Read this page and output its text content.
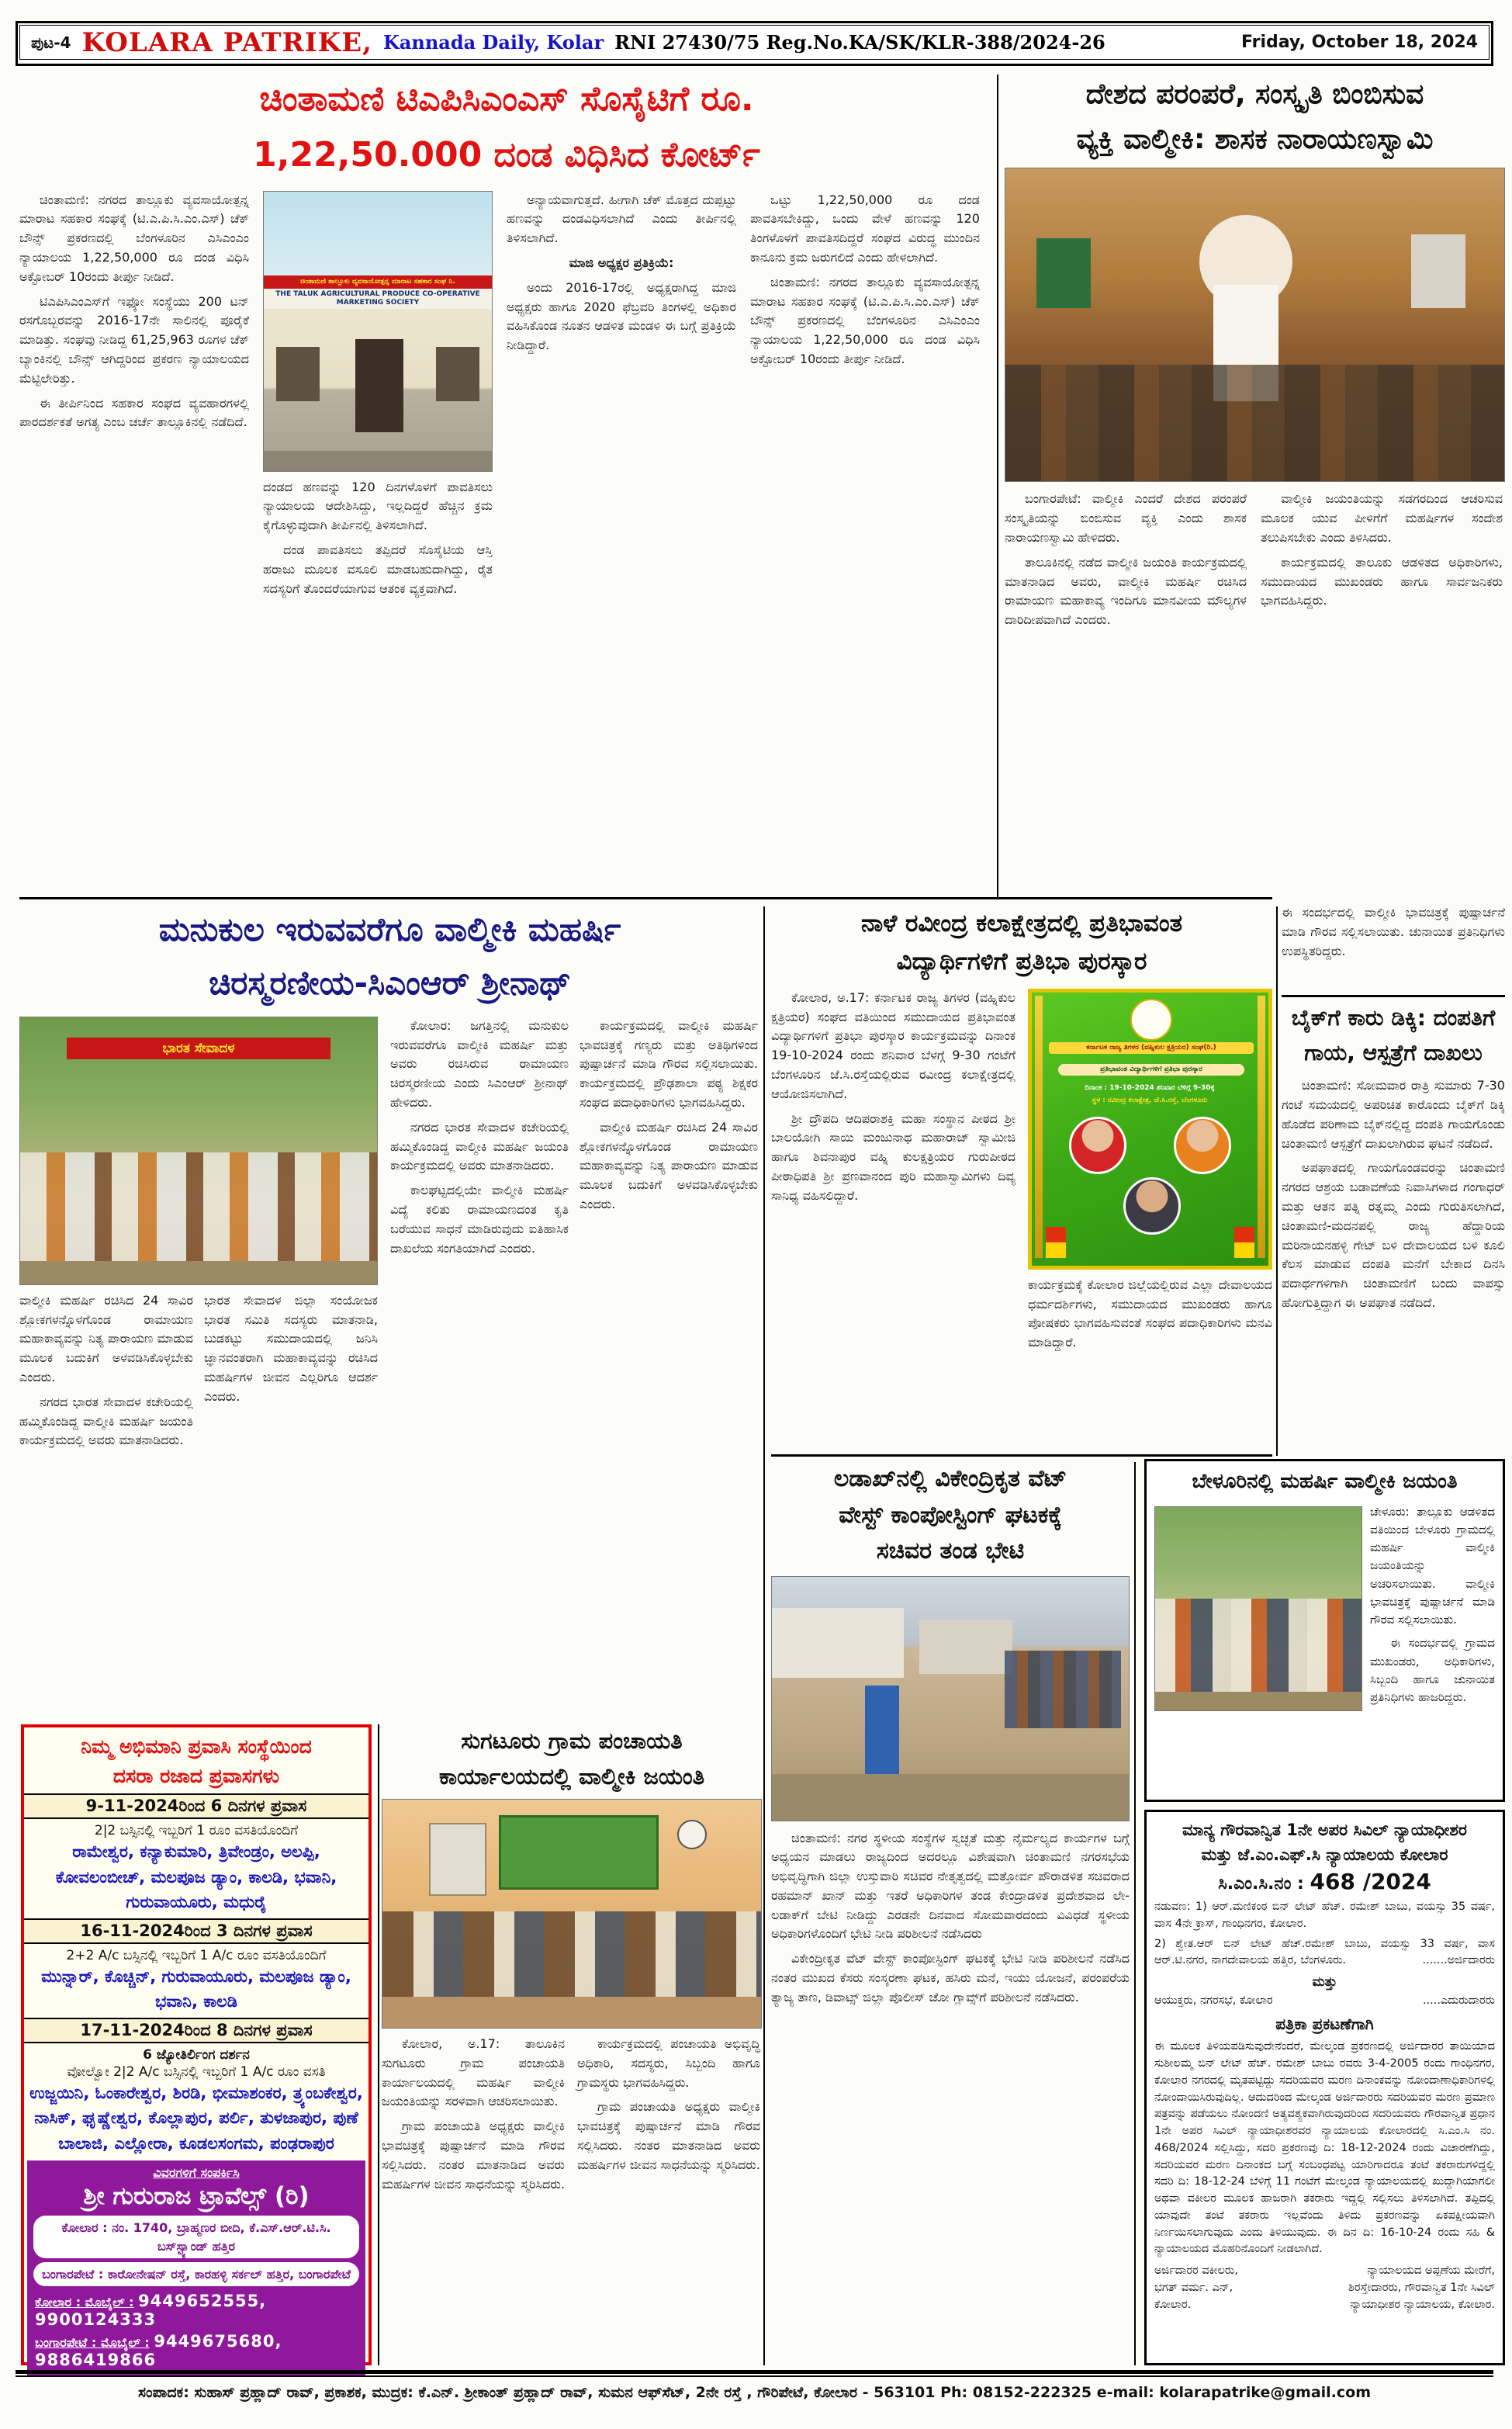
ಪುಟ-4 KOLARA PATRIKE, Kannada Daily, Kolar RNI 27430/75 Reg.No.KA/SK/KLR-388/2024-26	Friday, October 18, 2024
ಚಿಂತಾಮಣಿ ಟಿಎಪಿಸಿಎಂಎಸ್ ಸೊಸೈಟಿಗೆ ರೂ.
1,22,50.000 ದಂಡ ವಿಧಿಸಿದ ಕೋರ್ಟ್

ಚಿಂತಾಮಣಿ: ನಗರದ ತಾಲ್ಲೂಕು ವ್ಯವಸಾಯೋತ್ಪನ್ನ ಮಾರಾಟ ಸಹಕಾರ ಸಂಘಕ್ಕೆ (ಟಿ.ಎ.ಪಿ.ಸಿ.ಎಂ.ಎಸ್) ಚೆಕ್ ಬೌನ್ಸ್ ಪ್ರಕರಣದಲ್ಲಿ ಬೆಂಗಳೂರಿನ ಎಸಿಎಂಎಂ ನ್ಯಾಯಾಲಯ 1,22,50,000 ರೂ ದಂಡ ವಿಧಿಸಿ ಅಕ್ಟೋಬರ್ 10ರಂದು ತೀರ್ಪು ನೀಡಿದೆ.

ಟಿಎಪಿಸಿಎಂಎಸ್‌ಗೆ ಇಫ್ಕೋ ಸಂಸ್ಥೆಯು 200 ಟನ್ ರಸಗೊಬ್ಬರವನ್ನು 2016-17ನೇ ಸಾಲಿನಲ್ಲಿ ಪೂರೈಕೆ ಮಾಡಿತ್ತು. ಸಂಘವು ನೀಡಿದ್ದ 61,25,963 ರೂಗಳ ಚೆಕ್ ಬ್ಯಾಂಕಿನಲ್ಲಿ ಬೌನ್ಸ್ ಆಗಿದ್ದರಿಂದ ಪ್ರಕರಣ ನ್ಯಾಯಾಲಯದ ಮೆಟ್ಟಿಲೇರಿತ್ತು.

ಈ ತೀರ್ಪಿನಿಂದ ಸಹಕಾರ ಸಂಘದ ವ್ಯವಹಾರಗಳಲ್ಲಿ ಪಾರದರ್ಶಕತೆ ಅಗತ್ಯ ಎಂಬ ಚರ್ಚೆ ತಾಲ್ಲೂಕಿನಲ್ಲಿ ನಡೆದಿದೆ.

ಚಿಂತಾಮಣಿ ತಾಲ್ಲೂಕು ವ್ಯವಸಾಯೋತ್ಪನ್ನ ಮಾರಾಟ ಸಹಕಾರ ಸಂಘ ನಿ.
THE TALUK AGRICULTURAL PRODUCE CO-OPERATIVE MARKETING SOCIETY

ದಂಡದ ಹಣವನ್ನು 120 ದಿನಗಳೊಳಗೆ ಪಾವತಿಸಲು ನ್ಯಾಯಾಲಯ ಆದೇಶಿಸಿದ್ದು, ಇಲ್ಲದಿದ್ದರೆ ಹೆಚ್ಚಿನ ಕ್ರಮ ಕೈಗೊಳ್ಳುವುದಾಗಿ ತೀರ್ಪಿನಲ್ಲಿ ತಿಳಿಸಲಾಗಿದೆ.

ದಂಡ ಪಾವತಿಸಲು ತಪ್ಪಿದರೆ ಸೊಸೈಟಿಯ ಆಸ್ತಿ ಹರಾಜು ಮೂಲಕ ವಸೂಲಿ ಮಾಡಬಹುದಾಗಿದ್ದು, ರೈತ ಸದಸ್ಯರಿಗೆ ತೊಂದರೆಯಾಗುವ ಆತಂಕ ವ್ಯಕ್ತವಾಗಿದೆ.

ಅನ್ಯಾಯವಾಗುತ್ತದೆ. ಹೀಗಾಗಿ ಚೆಕ್ ಮೊತ್ತದ ದುಪ್ಪಟ್ಟು ಹಣವನ್ನು ದಂಡವಿಧಿಸಲಾಗಿದೆ ಎಂದು ತೀರ್ಪಿನಲ್ಲಿ ತಿಳಿಸಲಾಗಿದೆ.

ಮಾಜಿ ಅಧ್ಯಕ್ಷರ ಪ್ರತಿಕ್ರಿಯೆ:

ಅಂದು 2016-17ರಲ್ಲಿ ಅಧ್ಯಕ್ಷರಾಗಿದ್ದ ಮಾಜಿ ಅಧ್ಯಕ್ಷರು ಹಾಗೂ 2020 ಫೆಬ್ರವರಿ ತಿಂಗಳಲ್ಲಿ ಅಧಿಕಾರ ವಹಿಸಿಕೊಂಡ ನೂತನ ಆಡಳಿತ ಮಂಡಳಿ ಈ ಬಗ್ಗೆ ಪ್ರತಿಕ್ರಿಯೆ ನೀಡಿದ್ದಾರೆ.

ಒಟ್ಟು 1,22,50,000 ರೂ ದಂಡ ಪಾವತಿಸಬೇಕಿದ್ದು, ಒಂದು ವೇಳೆ ಹಣವನ್ನು 120 ತಿಂಗಳೊಳಗೆ ಪಾವತಿಸದಿದ್ದರೆ ಸಂಘದ ವಿರುದ್ಧ ಮುಂದಿನ ಕಾನೂನು ಕ್ರಮ ಜರುಗಲಿದೆ ಎಂದು ಹೇಳಲಾಗಿದೆ.

ಚಿಂತಾಮಣಿ: ನಗರದ ತಾಲ್ಲೂಕು ವ್ಯವಸಾಯೋತ್ಪನ್ನ ಮಾರಾಟ ಸಹಕಾರ ಸಂಘಕ್ಕೆ (ಟಿ.ಎ.ಪಿ.ಸಿ.ಎಂ.ಎಸ್) ಚೆಕ್ ಬೌನ್ಸ್ ಪ್ರಕರಣದಲ್ಲಿ ಬೆಂಗಳೂರಿನ ಎಸಿಎಂಎಂ ನ್ಯಾಯಾಲಯ 1,22,50,000 ರೂ ದಂಡ ವಿಧಿಸಿ ಅಕ್ಟೋಬರ್ 10ರಂದು ತೀರ್ಪು ನೀಡಿದೆ.

ದೇಶದ ಪರಂಪರೆ, ಸಂಸ್ಕೃತಿ ಬಿಂಬಿಸುವ
ವ್ಯಕ್ತಿ ವಾಲ್ಮೀಕಿ: ಶಾಸಕ ನಾರಾಯಣಸ್ವಾಮಿ

ಬಂಗಾರಪೇಟೆ: ವಾಲ್ಮೀಕಿ ಎಂದರೆ ದೇಶದ ಪರಂಪರೆ ಸಂಸ್ಕೃತಿಯನ್ನು ಬಿಂಬಿಸುವ ವ್ಯಕ್ತಿ ಎಂದು ಶಾಸಕ ನಾರಾಯಣಸ್ವಾಮಿ ಹೇಳಿದರು.

ತಾಲೂಕಿನಲ್ಲಿ ನಡೆದ ವಾಲ್ಮೀಕಿ ಜಯಂತಿ ಕಾರ್ಯಕ್ರಮದಲ್ಲಿ ಮಾತನಾಡಿದ ಅವರು, ವಾಲ್ಮೀಕಿ ಮಹರ್ಷಿ ರಚಿಸಿದ ರಾಮಾಯಣ ಮಹಾಕಾವ್ಯ ಇಂದಿಗೂ ಮಾನವೀಯ ಮೌಲ್ಯಗಳ ದಾರಿದೀಪವಾಗಿದೆ ಎಂದರು.

ವಾಲ್ಮೀಕಿ ಜಯಂತಿಯನ್ನು ಸಡಗರದಿಂದ ಆಚರಿಸುವ ಮೂಲಕ ಯುವ ಪೀಳಿಗೆಗೆ ಮಹರ್ಷಿಗಳ ಸಂದೇಶ ತಲುಪಿಸಬೇಕು ಎಂದು ತಿಳಿಸಿದರು.

ಕಾರ್ಯಕ್ರಮದಲ್ಲಿ ತಾಲೂಕು ಆಡಳಿತದ ಅಧಿಕಾರಿಗಳು, ಸಮುದಾಯದ ಮುಖಂಡರು ಹಾಗೂ ಸಾರ್ವಜನಿಕರು ಭಾಗವಹಿಸಿದ್ದರು.

ಈ ಸಂದರ್ಭದಲ್ಲಿ ವಾಲ್ಮೀಕಿ ಭಾವಚಿತ್ರಕ್ಕೆ ಪುಷ್ಪಾರ್ಚನೆ ಮಾಡಿ ಗೌರವ ಸಲ್ಲಿಸಲಾಯಿತು. ಚುನಾಯಿತ ಪ್ರತಿನಿಧಿಗಳು ಉಪಸ್ಥಿತರಿದ್ದರು.

ಮನುಕುಲ ಇರುವವರೆಗೂ ವಾಲ್ಮೀಕಿ ಮಹರ್ಷಿ
ಚಿರಸ್ಮರಣೀಯ-ಸಿಎಂಆರ್ ಶ್ರೀನಾಥ್
ಭಾರತ ಸೇವಾದಳ

ವಾಲ್ಮೀಕಿ ಮಹರ್ಷಿ ರಚಿಸಿದ 24 ಸಾವಿರ ಶ್ಲೋಕಗಳನ್ನೊಳಗೊಂಡ ರಾಮಾಯಣ ಮಹಾಕಾವ್ಯವನ್ನು ನಿತ್ಯ ಪಾರಾಯಣ ಮಾಡುವ ಮೂಲಕ ಬದುಕಿಗೆ ಅಳವಡಿಸಿಕೊಳ್ಳಬೇಕು ಎಂದರು.

ನಗರದ ಭಾರತ ಸೇವಾದಳ ಕಚೇರಿಯಲ್ಲಿ ಹಮ್ಮಿಕೊಂಡಿದ್ದ ವಾಲ್ಮೀಕಿ ಮಹರ್ಷಿ ಜಯಂತಿ ಕಾರ್ಯಕ್ರಮದಲ್ಲಿ ಅವರು ಮಾತನಾಡಿದರು.

ಭಾರತ ಸೇವಾದಳ ಜಿಲ್ಲಾ ಸಂಯೋಜಕ ಭಾರತ ಸಮಿತಿ ಸದಸ್ಯರು ಮಾತನಾಡಿ, ಬುಡಕಟ್ಟು ಸಮುದಾಯದಲ್ಲಿ ಜನಿಸಿ ಜ್ಞಾನವಂತರಾಗಿ ಮಹಾಕಾವ್ಯವನ್ನು ರಚಿಸಿದ ಮಹರ್ಷಿಗಳ ಜೀವನ ಎಲ್ಲರಿಗೂ ಆದರ್ಶ ಎಂದರು.

ಕೋಲಾರ: ಜಗತ್ತಿನಲ್ಲಿ ಮನುಕುಲ ಇರುವವರೆಗೂ ವಾಲ್ಮೀಕಿ ಮಹರ್ಷಿ ಮತ್ತು ಅವರು ರಚಿಸಿರುವ ರಾಮಾಯಣ ಚಿರಸ್ಮರಣೀಯ ಎಂದು ಸಿಎಂಆರ್ ಶ್ರೀನಾಥ್ ಹೇಳಿದರು.

ನಗರದ ಭಾರತ ಸೇವಾದಳ ಕಚೇರಿಯಲ್ಲಿ ಹಮ್ಮಿಕೊಂಡಿದ್ದ ವಾಲ್ಮೀಕಿ ಮಹರ್ಷಿ ಜಯಂತಿ ಕಾರ್ಯಕ್ರಮದಲ್ಲಿ ಅವರು ಮಾತನಾಡಿದರು.

ಕಾಲಘಟ್ಟದಲ್ಲಿಯೇ ವಾಲ್ಮೀಕಿ ಮಹರ್ಷಿ ವಿದ್ಯೆ ಕಲಿತು ರಾಮಾಯಣದಂತ ಕೃತಿ ಬರೆಯುವ ಸಾಧನೆ ಮಾಡಿರುವುದು ಐತಿಹಾಸಿಕ ದಾಖಲೆಯ ಸಂಗತಿಯಾಗಿದೆ ಎಂದರು.

ಕಾರ್ಯಕ್ರಮದಲ್ಲಿ ವಾಲ್ಮೀಕಿ ಮಹರ್ಷಿ ಭಾವಚಿತ್ರಕ್ಕೆ ಗಣ್ಯರು ಮತ್ತು ಅತಿಥಿಗಳಿಂದ ಪುಷ್ಪಾರ್ಚನೆ ಮಾಡಿ ಗೌರವ ಸಲ್ಲಿಸಲಾಯಿತು. ಕಾರ್ಯಕ್ರಮದಲ್ಲಿ ಪ್ರೌಢಶಾಲಾ ಪಠ್ಯ ಶಿಕ್ಷಕರ ಸಂಘದ ಪದಾಧಿಕಾರಿಗಳು ಭಾಗವಹಿಸಿದ್ದರು.

ವಾಲ್ಮೀಕಿ ಮಹರ್ಷಿ ರಚಿಸಿದ 24 ಸಾವಿರ ಶ್ಲೋಕಗಳನ್ನೊಳಗೊಂಡ ರಾಮಾಯಣ ಮಹಾಕಾವ್ಯವನ್ನು ನಿತ್ಯ ಪಾರಾಯಣ ಮಾಡುವ ಮೂಲಕ ಬದುಕಿಗೆ ಅಳವಡಿಸಿಕೊಳ್ಳಬೇಕು ಎಂದರು.

ನಾಳೆ ರವೀಂದ್ರ ಕಲಾಕ್ಷೇತ್ರದಲ್ಲಿ ಪ್ರತಿಭಾವಂತ
ವಿದ್ಯಾರ್ಥಿಗಳಿಗೆ ಪ್ರತಿಭಾ ಪುರಸ್ಕಾರ

ಕೋಲಾರ, ಅ.17: ಕರ್ನಾಟಕ ರಾಜ್ಯ ತಿಗಳರ (ವಹ್ನಿಕುಲ ಕ್ಷತ್ರಿಯರ) ಸಂಘದ ವತಿಯಿಂದ ಸಮುದಾಯದ ಪ್ರತಿಭಾವಂತ ವಿದ್ಯಾರ್ಥಿಗಳಿಗೆ ಪ್ರತಿಭಾ ಪುರಸ್ಕಾರ ಕಾರ್ಯಕ್ರಮವನ್ನು ದಿನಾಂಕ 19-10-2024 ರಂದು ಶನಿವಾರ ಬೆಳಗ್ಗೆ 9-30 ಗಂಟೆಗೆ ಬೆಂಗಳೂರಿನ ಜೆ.ಸಿ.ರಸ್ತೆಯಲ್ಲಿರುವ ರವೀಂದ್ರ ಕಲಾಕ್ಷೇತ್ರದಲ್ಲಿ ಆಯೋಜಿಸಲಾಗಿದೆ.

ಶ್ರೀ ದ್ರೌಪದಿ ಆದಿಪರಾಶಕ್ತಿ ಮಹಾ ಸಂಸ್ಥಾನ ಪೀಠದ ಶ್ರೀ ಬಾಲಯೋಗಿ ಸಾಯಿ ಮಂಜುನಾಥ ಮಹಾರಾಜ್ ಸ್ವಾಮೀಜಿ ಹಾಗೂ ಶಿವನಾಪುರ ವಹ್ನಿ ಕುಲಕ್ಷತ್ರಿಯರ ಗುರುಪೀಠದ ಪೀಠಾಧಿಪತಿ ಶ್ರೀ ಪ್ರಣವಾನಂದ ಪುರಿ ಮಹಾಸ್ವಾಮಿಗಳು ದಿವ್ಯ ಸಾನಿಧ್ಯ ವಹಿಸಲಿದ್ದಾರೆ.

ಕರ್ನಾಟಕ ರಾಜ್ಯ ತಿಗಳರ (ವಹ್ನಿಕುಲ ಕ್ಷತ್ರಿಯರ) ಸಂಘ(ರಿ.)
ಪ್ರತಿಭಾವಂತ ವಿದ್ಯಾರ್ಥಿಗಳಿಗೆ ಪ್ರತಿಭಾ ಪುರಸ್ಕಾರ
ದಿನಾಂಕ : 19-10-2024 ಶನಿವಾರ ಬೆಳಿಗ್ಗೆ 9-30ಕ್ಕೆ
ಸ್ಥಳ : ರವೀಂದ್ರ ಕಲಾಕ್ಷೇತ್ರ, ಜೆ.ಸಿ.ರಸ್ತೆ, ಬೆಂಗಳೂರು

ಕಾರ್ಯಕ್ರಮಕ್ಕೆ ಕೋಲಾರ ಜಿಲ್ಲೆಯಲ್ಲಿರುವ ಎಲ್ಲಾ ದೇವಾಲಯದ ಧರ್ಮದರ್ಶಿಗಳು, ಸಮುದಾಯದ ಮುಖಂಡರು ಹಾಗೂ ಪೋಷಕರು ಭಾಗವಹಿಸುವಂತೆ ಸಂಘದ ಪದಾಧಿಕಾರಿಗಳು ಮನವಿ ಮಾಡಿದ್ದಾರೆ.

ಬೈಕ್‌ಗೆ ಕಾರು ಡಿಕ್ಕಿ: ದಂಪತಿಗೆ
ಗಾಯ, ಆಸ್ಪತ್ರೆಗೆ ದಾಖಲು

ಚಿಂತಾಮಣಿ: ಸೋಮವಾರ ರಾತ್ರಿ ಸುಮಾರು 7-30 ಗಂಟೆ ಸಮಯದಲ್ಲಿ ಅಪರಿಚಿತ ಕಾರೊಂದು ಬೈಕ್‌ಗೆ ಡಿಕ್ಕಿ ಹೊಡೆದ ಪರಿಣಾಮ ಬೈಕ್‌ನಲ್ಲಿದ್ದ ದಂಪತಿ ಗಾಯಗೊಂಡು ಚಿಂತಾಮಣಿ ಆಸ್ಪತ್ರೆಗೆ ದಾಖಲಾಗಿರುವ ಘಟನೆ ನಡೆದಿದೆ.

ಅಪಘಾತದಲ್ಲಿ ಗಾಯಗೊಂಡವರನ್ನು ಚಿಂತಾಮಣಿ ನಗರದ ಆಶ್ರಯ ಬಡಾವಣೆಯ ನಿವಾಸಿಗಳಾದ ಗಂಗಾಧರ್ ಮತ್ತು ಆತನ ಪತ್ನಿ ರತ್ನಮ್ಮ ಎಂದು ಗುರುತಿಸಲಾಗಿದೆ, ಚಿಂತಾಮಣಿ-ಮದನಪಲ್ಲಿ ರಾಜ್ಯ ಹೆದ್ದಾರಿಯ ಮರಿನಾಯನಹಳ್ಳಿ ಗೇಟ್ ಬಳಿ ದೇವಾಲಯದ ಬಳಿ ಕೂಲಿ ಕೆಲಸ ಮಾಡುವ ದಂಪತಿ ಮನೆಗೆ ಬೇಕಾದ ದಿನಸಿ ಪದಾರ್ಥಗಳಿಗಾಗಿ ಚಿಂತಾಮಣಿಗೆ ಬಂದು ವಾಪಸ್ಸು ಹೋಗುತ್ತಿದ್ದಾಗ ಈ ಅಪಘಾತ ನಡೆದಿದೆ.

ಲಡಾಖ್‌ನಲ್ಲಿ ವಿಕೇಂದ್ರಿಕೃತ ವೆಟ್
ವೇಸ್ಟ್ ಕಾಂಪೋಸ್ಟಿಂಗ್ ಘಟಕಕ್ಕೆ
ಸಚಿವರ ತಂಡ ಭೇಟಿ

ಚಿಂತಾಮಣಿ: ನಗರ ಸ್ಥಳೀಯ ಸಂಸ್ಥೆಗಳ ಸ್ವಚ್ಛತೆ ಮತ್ತು ನೈರ್ಮಲ್ಯದ ಕಾರ್ಯಗಳ ಬಗ್ಗೆ ಅಧ್ಯಯನ ಮಾಡಲು ರಾಜ್ಯದಿಂದ ಅದರಲ್ಲೂ ವಿಶೇಷವಾಗಿ ಚಿಂತಾಮಣಿ ನಗರಸಭೆಯ ಅಭಿವೃದ್ಧಿಗಾಗಿ ಜಿಲ್ಲಾ ಉಸ್ತುವಾರಿ ಸಚಿವರ ನೇತೃತ್ವದಲ್ಲಿ ಮತ್ತೋರ್ವ ಪೌರಾಡಳಿತ ಸಚಿವರಾದ ರಹಮಾನ್ ಖಾನ್ ಮತ್ತು ಇತರೆ ಅಧಿಕಾರಿಗಳ ತಂಡ ಕೇಂದ್ರಾಡಳಿತ ಪ್ರದೇಶವಾದ ಲೇ-ಲಡಾಕ್‌ಗೆ ಬೇಟಿ ನೀಡಿದ್ದು ಎರಡನೇ ದಿನವಾದ ಸೋಮವಾರದಂದು ವಿವಿಧಡೆ ಸ್ಥಳೀಯ ಅಧಿಕಾರಿಗಳೊಂದಿಗೆ ಭೇಟಿ ನೀಡಿ ಪರಿಶೀಲನೆ ನಡೆಸಿದರು

ವಿಕೇಂದ್ರೀಕೃತ ವೆಟ್ ವೇಸ್ಟ್ ಕಾಂಪೋಸ್ಟಿಂಗ್ ಘಟಕಕ್ಕೆ ಭೇಟಿ ನೀಡಿ ಪರಿಶೀಲನೆ ನಡೆಸಿದ ನಂತರ ಮುಖದ ಕೆಸರು ಸಂಸ್ಕರಣಾ ಘಟಕ, ಹಸಿರು ಮನೆ, ಇಯು ಯೋಜನೆ, ಪರಂಪರೆಯ ತ್ಯಾಜ್ಯ ತಾಣ, ಡಿವಾಟ್ಸ್ ಜಿಲ್ಲಾ ಪೊಲೀಸ್ ಚೋ ಗ್ಲಾವ್ಸ್‌ಗೆ ಪರಿಶೀಲನೆ ನಡೆಸಿದರು.

ಸುಗಟೂರು ಗ್ರಾಮ ಪಂಚಾಯತಿ
ಕಾರ್ಯಾಲಯದಲ್ಲಿ ವಾಲ್ಮೀಕಿ ಜಯಂತಿ

ಕೋಲಾರ, ಅ.17: ತಾಲೂಕಿನ ಸುಗಟೂರು ಗ್ರಾಮ ಪಂಚಾಯತಿ ಕಾರ್ಯಾಲಯದಲ್ಲಿ ಮಹರ್ಷಿ ವಾಲ್ಮೀಕಿ ಜಯಂತಿಯನ್ನು ಸರಳವಾಗಿ ಆಚರಿಸಲಾಯಿತು.

ಗ್ರಾಮ ಪಂಚಾಯತಿ ಅಧ್ಯಕ್ಷರು ವಾಲ್ಮೀಕಿ ಭಾವಚಿತ್ರಕ್ಕೆ ಪುಷ್ಪಾರ್ಚನೆ ಮಾಡಿ ಗೌರವ ಸಲ್ಲಿಸಿದರು. ನಂತರ ಮಾತನಾಡಿದ ಅವರು ಮಹರ್ಷಿಗಳ ಜೀವನ ಸಾಧನೆಯನ್ನು ಸ್ಮರಿಸಿದರು.

ಕಾರ್ಯಕ್ರಮದಲ್ಲಿ ಪಂಚಾಯತಿ ಅಭಿವೃದ್ಧಿ ಅಧಿಕಾರಿ, ಸದಸ್ಯರು, ಸಿಬ್ಬಂದಿ ಹಾಗೂ ಗ್ರಾಮಸ್ಥರು ಭಾಗವಹಿಸಿದ್ದರು.

ಗ್ರಾಮ ಪಂಚಾಯತಿ ಅಧ್ಯಕ್ಷರು ವಾಲ್ಮೀಕಿ ಭಾವಚಿತ್ರಕ್ಕೆ ಪುಷ್ಪಾರ್ಚನೆ ಮಾಡಿ ಗೌರವ ಸಲ್ಲಿಸಿದರು. ನಂತರ ಮಾತನಾಡಿದ ಅವರು ಮಹರ್ಷಿಗಳ ಜೀವನ ಸಾಧನೆಯನ್ನು ಸ್ಮರಿಸಿದರು.

ನಿಮ್ಮ ಅಭಿಮಾನಿ ಪ್ರವಾಸಿ ಸಂಸ್ಥೆಯಿಂದ
ದಸರಾ ರಜಾದ ಪ್ರವಾಸಗಳು
9-11-2024ರಿಂದ 6 ದಿನಗಳ ಪ್ರವಾಸ
2|2 ಬಸ್ಸಿನಲ್ಲಿ ಇಬ್ಬರಿಗೆ 1 ರೂಂ ವಸತಿಯೊಂದಿಗೆ
ರಾಮೇಶ್ವರ, ಕನ್ಯಾಕುಮಾರಿ, ತ್ರಿವೇಂಡ್ರಂ, ಅಲಪ್ಪಿ, ಕೋವಲಂಬೀಚ್, ಮಲಪೂಜ ಡ್ಯಾಂ, ಕಾಲಡಿ, ಭವಾನಿ, ಗುರುವಾಯೂರು, ಮಧುರೈ
16-11-2024ರಿಂದ 3 ದಿನಗಳ ಪ್ರವಾಸ
2+2 A/c ಬಸ್ಸಿನಲ್ಲಿ ಇಬ್ಬರಿಗೆ 1 A/c ರೂಂ ವಸತಿಯೊಂದಿಗೆ
ಮುನ್ನಾರ್, ಕೊಚ್ಚಿನ್, ಗುರುವಾಯೂರು, ಮಲಪೂಜ ಡ್ಯಾಂ, ಭವಾನಿ, ಕಾಲಡಿ
17-11-2024ರಿಂದ 8 ದಿನಗಳ ಪ್ರವಾಸ
6 ಜ್ಯೋತಿರ್ಲಿಂಗ ದರ್ಶನ
ವೋಲ್ವೋ 2|2 A/c ಬಸ್ಸಿನಲ್ಲಿ ಇಬ್ಬರಿಗೆ 1 A/c ರೂಂ ವಸತಿ
ಉಜ್ಜಯಿನಿ, ಓಂಕಾರೇಶ್ವರ, ಶಿರಡಿ, ಭೀಮಾಶಂಕರ, ತ್ರ್ಯಂಬಕೇಶ್ವರ, ನಾಸಿಕ್, ಘೃಷ್ಣೇಶ್ವರ, ಕೊಲ್ಲಾಪುರ, ಪರ್ಲಿ, ತುಳಜಾಪುರ, ಪುಣೆ ಬಾಲಾಜಿ, ಎಲ್ಲೋರಾ, ಕೂಡಲಸಂಗಮ, ಪಂಢರಾಪುರ
ವಿವರಗಳಿಗೆ ಸಂಪರ್ಕಿಸಿ
ಶ್ರೀ ಗುರುರಾಜ ಟ್ರಾವೆಲ್ಸ್ (ರಿ)
ಕೋಲಾರ : ನಂ. 1740, ಬ್ರಾಹ್ಮಣರ ಬೀದಿ, ಕೆ.ಎಸ್.ಆರ್.ಟಿ.ಸಿ. ಬಸ್‌ಸ್ಟ್ಯಾಂಡ್ ಹತ್ತಿರ
ಬಂಗಾರಪೇಟೆ : ಕಾರೋನೇಷನ್ ರಸ್ತೆ, ಕಾರಹಳ್ಳಿ ಸರ್ಕಲ್ ಹತ್ತಿರ, ಬಂಗಾರಪೇಟೆ
ಕೋಲಾರ : ಮೊಬೈಲ್ : 9449652555, 9900124333
ಬಂಗಾರಪೇಟೆ : ಮೊಬೈಲ್ : 9449675680, 9886419866
ಬೇಳೂರಿನಲ್ಲಿ ಮಹರ್ಷಿ ವಾಲ್ಮೀಕಿ ಜಯಂತಿ

ಚೇಳೂರು: ತಾಲ್ಲೂಕು ಆಡಳಿತದ ವತಿಯಿಂದ ಬೇಳೂರು ಗ್ರಾಮದಲ್ಲಿ ಮಹರ್ಷಿ ವಾಲ್ಮೀಕಿ ಜಯಂತಿಯನ್ನು ಅಚರಿಸಲಾಯಿತು. ವಾಲ್ಮೀಕಿ ಭಾವಚಿತ್ರಕ್ಕೆ ಪುಷ್ಪಾರ್ಚನೆ ಮಾಡಿ ಗೌರವ ಸಲ್ಲಿಸಲಾಯಿತು.

ಈ ಸಂದರ್ಭದಲ್ಲಿ ಗ್ರಾಮದ ಮುಖಂಡರು, ಅಧಿಕಾರಿಗಳು, ಸಿಬ್ಬಂದಿ ಹಾಗೂ ಚುನಾಯಿತ ಪ್ರತಿನಿಧಿಗಳು ಹಾಜರಿದ್ದರು.

ಮಾನ್ಯ ಗೌರವಾನ್ವಿತ 1ನೇ ಅಪರ ಸಿವಿಲ್ ನ್ಯಾಯಾಧೀಶರ
ಮತ್ತು ಜೆ.ಎಂ.ಎಫ್.ಸಿ ನ್ಯಾಯಾಲಯ ಕೋಲಾರ
ಸಿ.ಎಂ.ಸಿ.ನಂ : 468 /2024

ನಡುವಣ: 1) ಆರ್.ಮಣಿಕಂಠ ಬಿನ್ ಲೇಟ್ ಹೆಚ್. ರಮೇಶ್ ಬಾಬು, ವಯಸ್ಸು 35 ವರ್ಷ, ವಾಸ 4ನೇ ಕ್ರಾಸ್, ಗಾಂಧಿನಗರ, ಕೋಲಾರ.

2) ಶ್ವೇತ.ಆರ್ ಬಿನ್ ಲೇಟ್ ಹೆಚ್.ರಮೇಶ್ ಬಾಬು, ವಯಸ್ಸು 33 ವರ್ಷ, ವಾಸ ಆರ್.ಟಿ.ನಗರ, ನಾಗದೇವಾಲಯ ಹತ್ತಿರ, ಬೆಂಗಳೂರು.	.......ಅರ್ಜಿದಾರರು

ಮತ್ತು

ಆಯುಕ್ತರು, ನಗರಸಭೆ, ಕೋಲಾರ	.....ಎದುರುದಾರರು

ಪತ್ರಿಕಾ ಪ್ರಕಟಣೆಗಾಗಿ

ಈ ಮೂಲಕ ತಿಳಿಯಪಡಿಸುವುದೇನೆಂದರೆ, ಮೇಲ್ಕಂಡ ಪ್ರಕರಣದಲ್ಲಿ ಅರ್ಜಿದಾರರ ತಾಯಿಯಾದ ಸುಶೀಲಮ್ಮ ಬಿನ್ ಲೇಟ್ ಹೆಚ್. ರಮೇಶ್ ಬಾಬು ರವರು 3-4-2005 ರಂದು ಗಾಂಧಿನಗರ, ಕೋಲಾರ ನಗರದಲ್ಲಿ ಮೃತಪಟ್ಟಿದ್ದು ಸದರಿಯವರ ಮರಣ ದಿನಾಂಕವನ್ನು ನೋಂದಾಣಾಧಿಕಾರಿಗಳಲ್ಲಿ ನೋಂದಾಯಿಸಿರುವುದಿಲ್ಲ. ಆದುದರಿಂದ ಮೇಲ್ಕಂಡ ಅರ್ಜಿದಾರರು ಸದರಿಯವರ ಮರಣ ಪ್ರಮಾಣ ಪತ್ರವನ್ನು ಪಡೆಯಲು ನೋಂದಣಿ ಅತ್ಯವಶ್ಯಕವಾಗಿರುವುದರಿಂದ ಸದರಿಯವರು ಗೌರವಾನ್ವಿತ ಪ್ರಧಾನ 1ನೇ ಅಪರ ಸಿವಿಲ್ ನ್ಯಾಯಾಧೀಶರವರ ನ್ಯಾಯಾಲಯ ಕೋಲಾರದಲ್ಲಿ ಸಿ.ಎಂ.ಸಿ ನಂ. 468/2024 ಸಲ್ಲಿಸಿದ್ದು, ಸದರಿ ಪ್ರಕರಣವು ದಿ: 18-12-2024 ರಂದು ವಿಚಾರಣೆಗಿದ್ದು, ಸದರಿಯವರ ಮರಣ ದಿನಾಂಕದ ಬಗ್ಗೆ ಸಂಬಂಧಪಟ್ಟ ಯಾರಿಗಾದರೂ ತಂಟೆ ತಕರಾರುಗಳಿದ್ದಲ್ಲಿ ಸದರಿ ದಿ: 18-12-24 ಬೆಳಿಗ್ಗೆ 11 ಗಂಟೆಗೆ ಮೇಲ್ಕಂಡ ನ್ಯಾಯಾಲಯದಲ್ಲಿ ಖುದ್ದಾಗಿಯಾಗಲೀ ಅಥವಾ ವಕೀಲರ ಮೂಲಕ ಹಾಜರಾಗಿ ತಕರಾರು ಇದ್ದಲ್ಲಿ ಸಲ್ಲಿಸಲು ತಿಳಿಸಲಾಗಿದೆ. ತಪ್ಪಿದಲ್ಲಿ ಯಾವುದೇ ತಂಟೆ ತಕರಾರು ಇಲ್ಲವೆಂದು ತಿಳಿದು ಪ್ರಕರಣವನ್ನು ಏಕಪಕ್ಷೀಯವಾಗಿ ನಿರ್ಣಯಿಸಲಾಗುವುದು ಎಂದು ತಿಳಿಯುವುದು. ಈ ದಿನ ದಿ: 16-10-24 ರಂದು ಸಹಿ & ನ್ಯಾಯಾಲಯದ ಮೊಹರಿನೊಂದಿಗೆ ನೀಡಲಾಗಿದೆ.

ಅರ್ಜಿದಾರರ ವಕೀಲರು,
ಭಗತ್ ವರ್ಮ. ಎನ್,
ಕೋಲಾರ.
ನ್ಯಾಯಾಲಯದ ಅಪ್ಪಣೆಯ ಮೇರೆಗೆ,
ಶಿರಸ್ತೇದಾರರು, ಗೌರವಾನ್ವಿತ 1ನೇ ಸಿವಿಲ್
ನ್ಯಾಯಾಧೀಶರ ನ್ಯಾಯಾಲಯ, ಕೋಲಾರ.
ಸಂಪಾದಕ: ಸುಹಾಸ್ ಪ್ರಹ್ಲಾದ್ ರಾವ್, ಪ್ರಕಾಶಕ, ಮುದ್ರಕ: ಕೆ.ಎನ್. ಶ್ರೀಕಾಂತ್ ಪ್ರಹ್ಲಾದ್ ರಾವ್, ಸುಮನ ಆಫ್‌ಸೆಟ್, 2ನೇ ರಸ್ತೆ , ಗೌರಿಪೇಟೆ, ಕೋಲಾರ - 563101 Ph: 08152-222325 e-mail: kolarapatrike@gmail.com
